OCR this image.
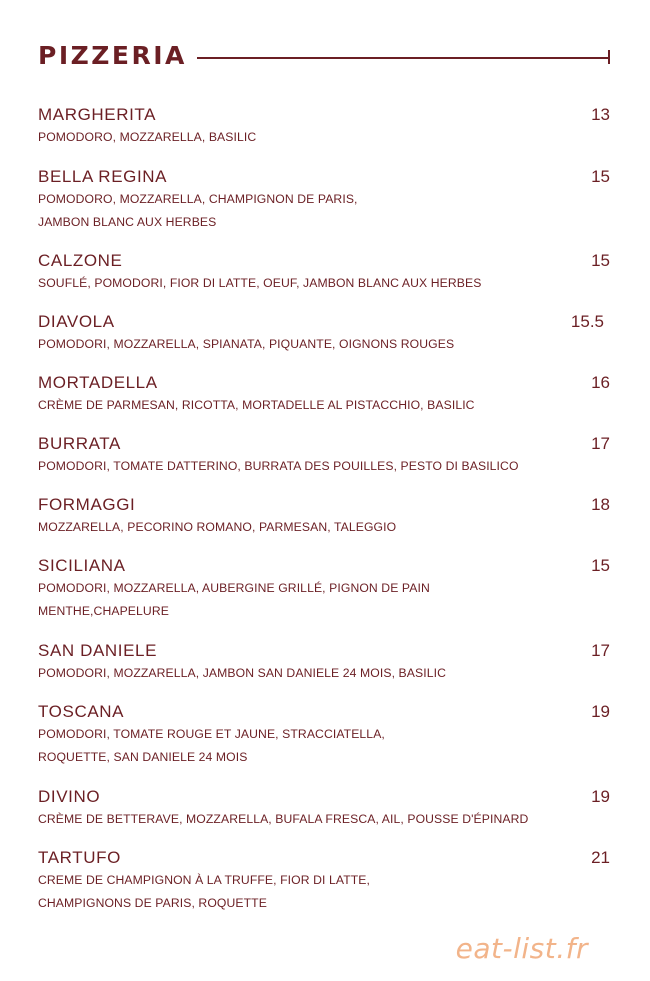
PIZZERIA
MARGHERITA	13
POMODORO, MOZZARELLA, BASILIC
BELLA REGINA	15
POMODORO, MOZZARELLA, CHAMPIGNON DE PARIS,
JAMBON BLANC AUX HERBES
CALZONE	15
SOUFLÉ, POMODORI, FIOR DI LATTE, OEUF, JAMBON BLANC AUX HERBES
DIAVOLA	15.5
POMODORI, MOZZARELLA, SPIANATA, PIQUANTE, OIGNONS ROUGES
MORTADELLA	16
CRÈME DE PARMESAN, RICOTTA, MORTADELLE AL PISTACCHIO, BASILIC
BURRATA	17
POMODORI, TOMATE DATTERINO, BURRATA DES POUILLES, PESTO DI BASILICO
FORMAGGI	18
MOZZARELLA, PECORINO ROMANO, PARMESAN, TALEGGIO
SICILIANA	15
POMODORI, MOZZARELLA, AUBERGINE GRILLÉ, PIGNON DE PAIN
MENTHE,CHAPELURE
SAN DANIELE	17
POMODORI, MOZZARELLA, JAMBON SAN DANIELE 24 MOIS, BASILIC
TOSCANA	19
POMODORI, TOMATE ROUGE ET JAUNE, STRACCIATELLA,
ROQUETTE, SAN DANIELE 24 MOIS
DIVINO	19
CRÈME DE BETTERAVE, MOZZARELLA, BUFALA FRESCA, AIL, POUSSE D'ÉPINARD
TARTUFO	21
CREME DE CHAMPIGNON À LA TRUFFE, FIOR DI LATTE,
CHAMPIGNONS DE PARIS, ROQUETTE
eat-list.fr
